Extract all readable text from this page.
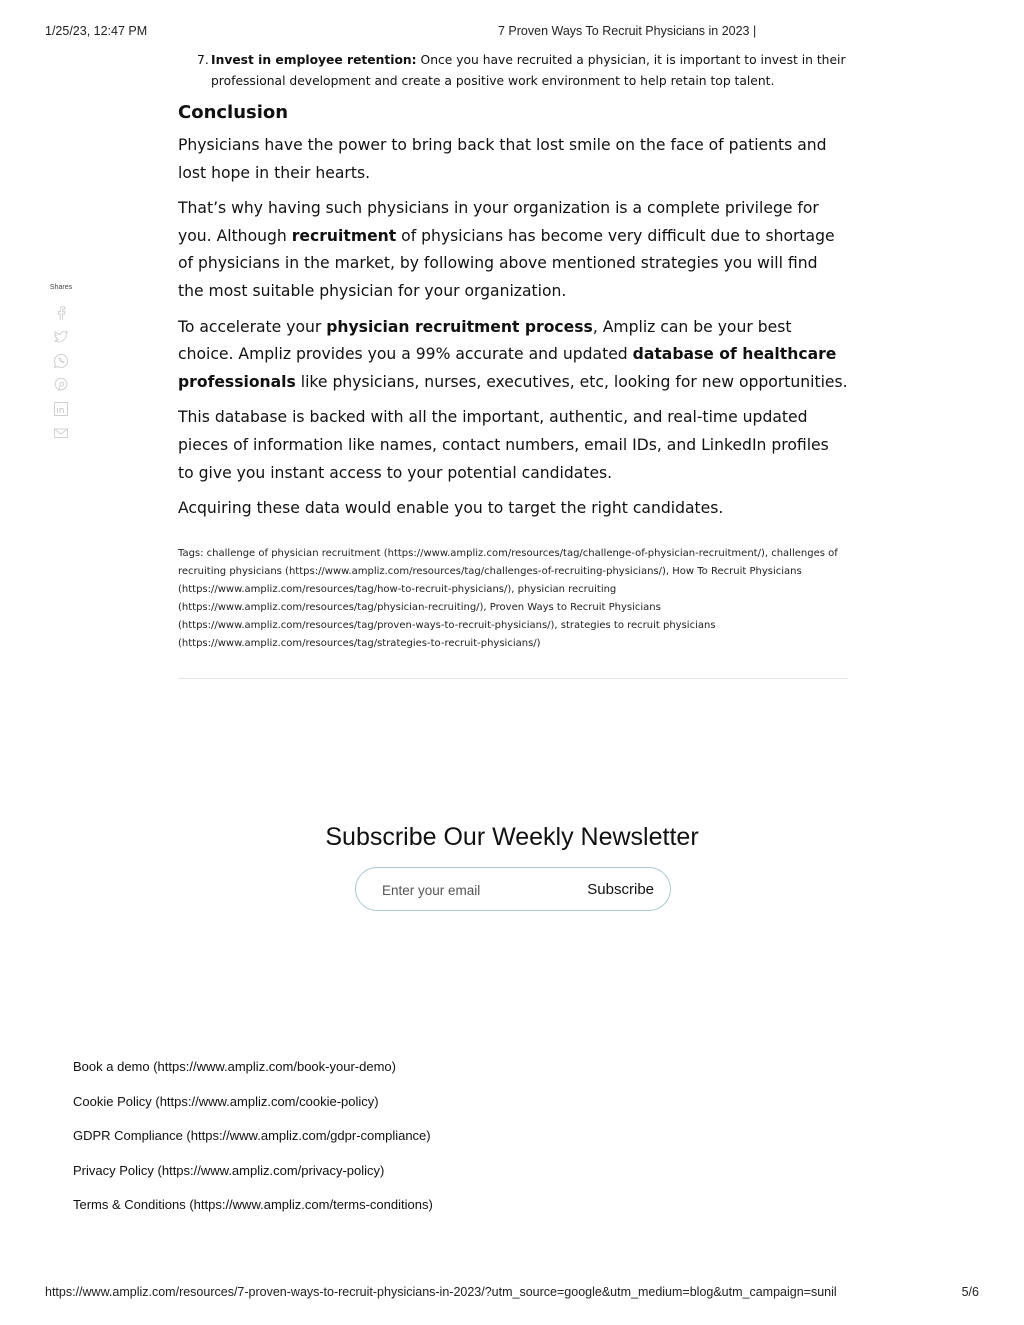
1/25/23, 12:47 PM	7 Proven Ways To Recruit Physicians in 2023 |
Shares
7. Invest in employee retention: Once you have recruited a physician, it is important to invest in their professional development and create a positive work environment to help retain top talent.
Conclusion

Physicians have the power to bring back that lost smile on the face of patients and lost hope in their hearts.

That’s why having such physicians in your organization is a complete privilege for you. Although recruitment of physicians has become very difficult due to shortage of physicians in the market, by following above mentioned strategies you will find the most suitable physician for your organization.

To accelerate your physician recruitment process, Ampliz can be your best choice. Ampliz provides you a 99% accurate and updated database of healthcare professionals like physicians, nurses, executives, etc, looking for new opportunities.

This database is backed with all the important, authentic, and real-time updated pieces of information like names, contact numbers, email IDs, and LinkedIn profiles to give you instant access to your potential candidates.

Acquiring these data would enable you to target the right candidates.

Tags: challenge of physician recruitment (https://www.ampliz.com/resources/tag/challenge-of-physician-recruitment/), challenges of recruiting physicians (https://www.ampliz.com/resources/tag/challenges-of-recruiting-physicians/), How To Recruit Physicians (https://www.ampliz.com/resources/tag/how-to-recruit-physicians/), physician recruiting (https://www.ampliz.com/resources/tag/physician-recruiting/), Proven Ways to Recruit Physicians (https://www.ampliz.com/resources/tag/proven-ways-to-recruit-physicians/), strategies to recruit physicians (https://www.ampliz.com/resources/tag/strategies-to-recruit-physicians/)
Subscribe Our Weekly Newsletter
Enter your email
Subscribe
Book a demo (https://www.ampliz.com/book-your-demo)
Cookie Policy (https://www.ampliz.com/cookie-policy)
GDPR Compliance (https://www.ampliz.com/gdpr-compliance)
Privacy Policy (https://www.ampliz.com/privacy-policy)
Terms & Conditions (https://www.ampliz.com/terms-conditions)
https://www.ampliz.com/resources/7-proven-ways-to-recruit-physicians-in-2023/?utm_source=google&utm_medium=blog&utm_campaign=sunil	5/6
